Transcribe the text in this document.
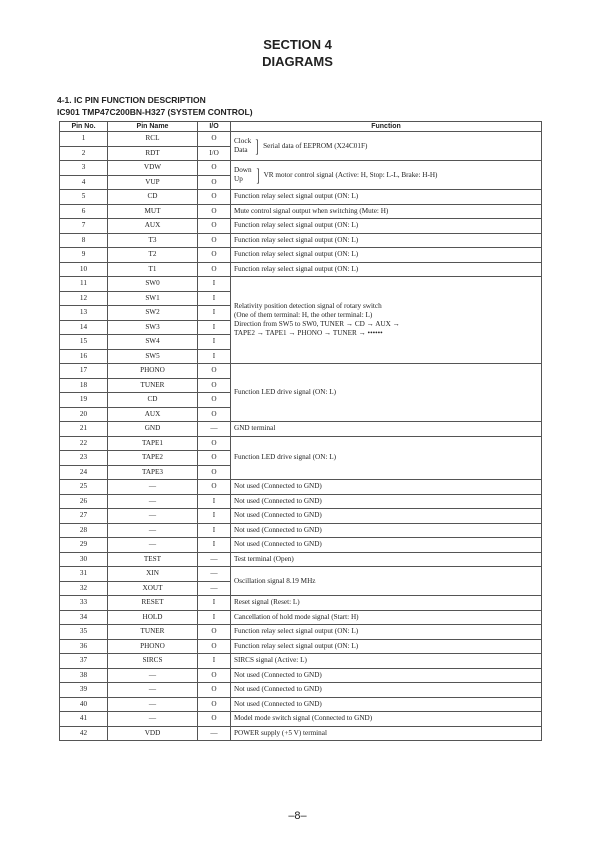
SECTION 4
DIAGRAMS
4-1. IC PIN FUNCTION DESCRIPTION
IC901 TMP47C200BN-H327 (SYSTEM CONTROL)
Pin No.	Pin Name	I/O	Function
1	RCL	O	Clock
Data ] Serial data of EEPROM (X24C01F)

2	RDT	I/O	
3	VDW	O	Down
Up ] VR motor control signal (Active: H, Stop: L-L, Brake: H-H)

4	VUP	O	
5	CD	O	Function relay select signal output (ON: L)
6	MUT	O	Mute control signal output when switching (Mute: H)
7	AUX	O	Function relay select signal output (ON: L)
8	T3	O	Function relay select signal output (ON: L)
9	T2	O	Function relay select signal output (ON: L)
10	T1	O	Function relay select signal output (ON: L)
11	SW0	I	Relativity position detection signal of rotary switch
(One of them terminal: H, the other terminal: L)
Direction from SW5 to SW0, TUNER → CD → AUX →
TAPE2 → TAPE1 → PHONO → TUNER → ••••••

12	SW1	I	
13	SW2	I	
14	SW3	I	
15	SW4	I	
16	SW5	I	
17	PHONO	O	Function LED drive signal (ON: L)
18	TUNER	O	
19	CD	O	
20	AUX	O	
21	GND	—	GND terminal
22	TAPE1	O	Function LED drive signal (ON: L)
23	TAPE2	O	
24	TAPE3	O	
25	—	O	Not used (Connected to GND)
26	—	I	Not used (Connected to GND)
27	—	I	Not used (Connected to GND)
28	—	I	Not used (Connected to GND)
29	—	I	Not used (Connected to GND)
30	TEST	—	Test terminal (Open)
31	XIN	—	Oscillation signal 8.19 MHz
32	XOUT	—	
33	RESET	I	Reset signal (Reset: L)
34	HOLD	I	Cancellation of hold mode signal (Start: H)
35	TUNER	O	Function relay select signal output (ON: L)
36	PHONO	O	Function relay select signal output (ON: L)
37	SIRCS	I	SIRCS signal (Active: L)
38	—	O	Not used (Connected to GND)
39	—	O	Not used (Connected to GND)
40	—	O	Not used (Connected to GND)
41	—	O	Model mode switch signal (Connected to GND)
42	VDD	—	POWER supply (+5 V) terminal
–8–
